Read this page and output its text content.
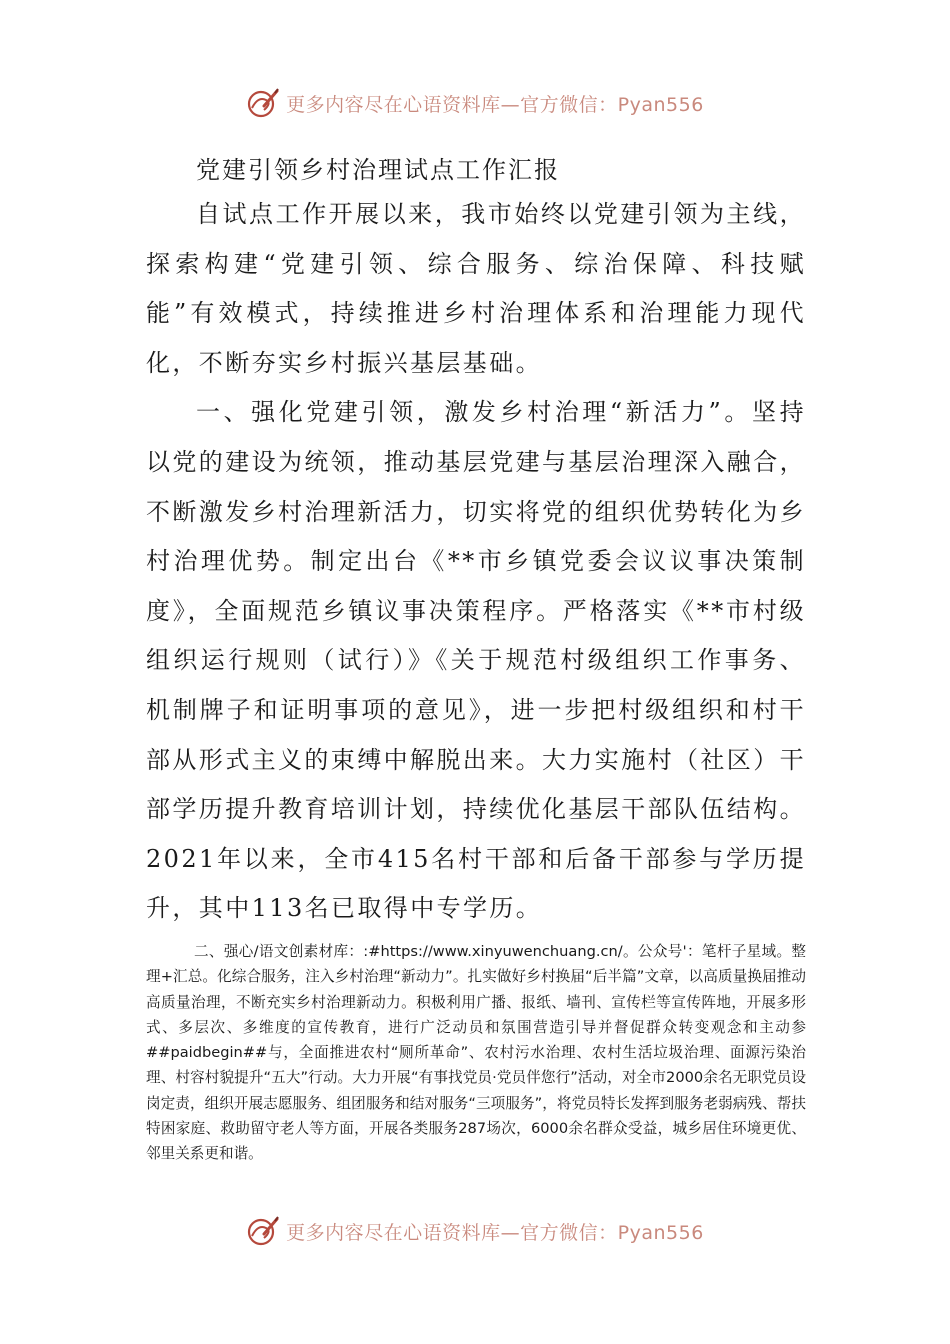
更多内容尽在心语资料库—官方微信：Pyan556
党建引领乡村治理试点工作汇报

自试点工作开展以来，我市始终以党建引领为主线，探索构建“党建引领、综合服务、综治保障、科技赋能”有效模式，持续推进乡村治理体系和治理能力现代化，不断夯实乡村振兴基层基础。

一、强化党建引领，激发乡村治理“新活力”。坚持以党的建设为统领，推动基层党建与基层治理深入融合，不断激发乡村治理新活力，切实将党的组织优势转化为乡村治理优势。制定出台《**市乡镇党委会议议事决策制度》，全面规范乡镇议事决策程序。严格落实《**市村级组织运行规则（试行）》《关于规范村级组织工作事务、机制牌子和证明事项的意见》，进一步把村级组织和村干部从形式主义的束缚中解脱出来。大力实施村（社区）干部学历提升教育培训计划，持续优化基层干部队伍结构。2021年以来，全市415名村干部和后备干部参与学历提升，其中113名已取得中专学历。

二、强心/语文创素材库：:#https://www.xinyuwenchuang.cn/。公众号'：笔杆子星域。整理+汇总。化综合服务，注入乡村治理“新动力”。扎实做好乡村换届“后半篇”文章，以高质量换届推动高质量治理，不断充实乡村治理新动力。积极利用广播、报纸、墙刊、宣传栏等宣传阵地，开展多形式、多层次、多维度的宣传教育，进行广泛动员和氛围营造引导并督促群众转变观念和主动参##paidbegin##与，全面推进农村“厕所革命”、农村污水治理、农村生活垃圾治理、面源污染治理、村容村貌提升“五大”行动。大力开展“有事找党员·党员伴您行”活动，对全市2000余名无职党员设岗定责，组织开展志愿服务、组团服务和结对服务“三项服务”，将党员特长发挥到服务老弱病残、帮扶特困家庭、救助留守老人等方面，开展各类服务287场次，6000余名群众受益，城乡居住环境更优、邻里关系更和谐。

更多内容尽在心语资料库—官方微信：Pyan556
